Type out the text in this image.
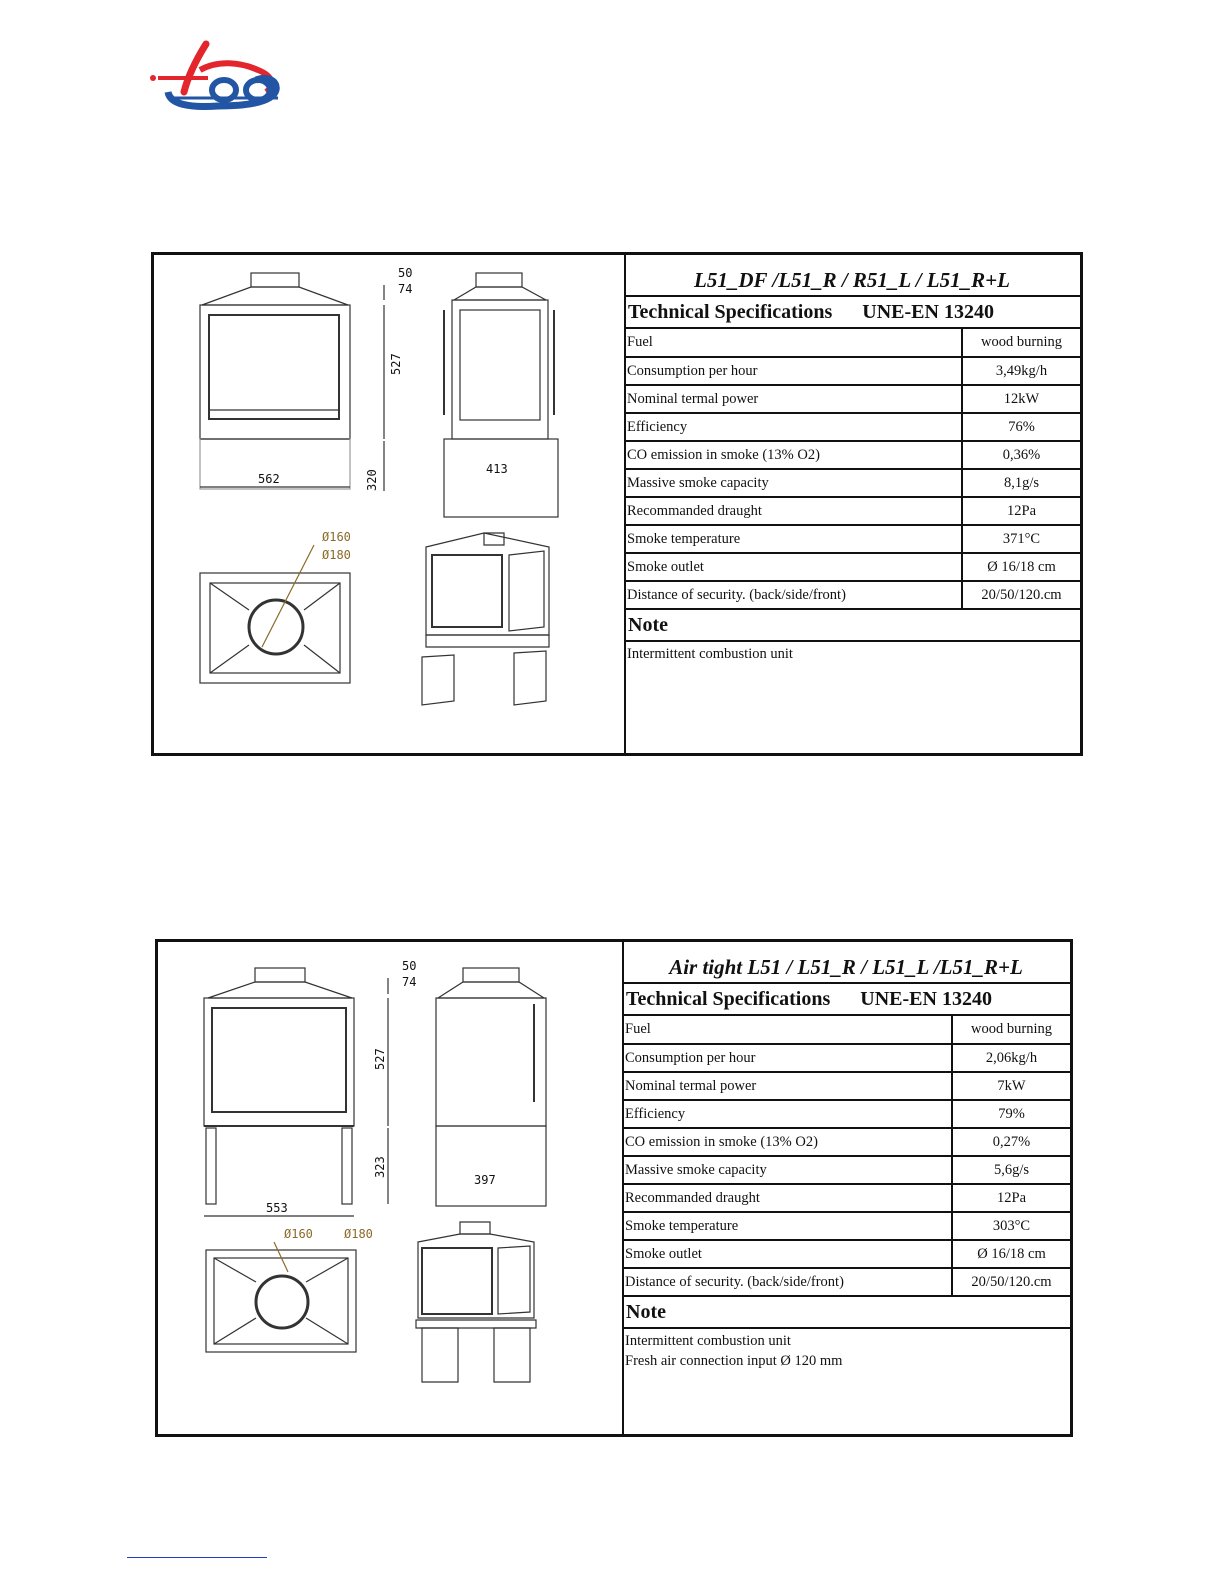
50
74
527
562	320
413
Ø160
Ø180
L51_DF /L51_R / R51_L / L51_R+L
Technical Specifications UNE-EN 13240
Fuel	wood burning
Consumption per hour	3,49kg/h
Nominal termal power	12kW
Efficiency	76%
CO emission in smoke (13% O2)	0,36%
Massive smoke capacity	8,1g/s
Recommanded draught	12Pa
Smoke temperature	371°C
Smoke outlet	Ø 16/18 cm
Distance of security. (back/side/front)	20/50/120.cm
Note
Intermittent combustion unit
50
74
527
553
323
397
Ø160	Ø180
Air tight L51 / L51_R / L51_L /L51_R+L
Technical Specifications UNE-EN 13240
Fuel	wood burning
Consumption per hour	2,06kg/h
Nominal termal power	7kW
Efficiency	79%
CO emission in smoke (13% O2)	0,27%
Massive smoke capacity	5,6g/s
Recommanded draught	12Pa
Smoke temperature	303°C
Smoke outlet	Ø 16/18 cm
Distance of security. (back/side/front)	20/50/120.cm
Note
Intermittent combustion unit
Fresh air connection input Ø 120 mm
